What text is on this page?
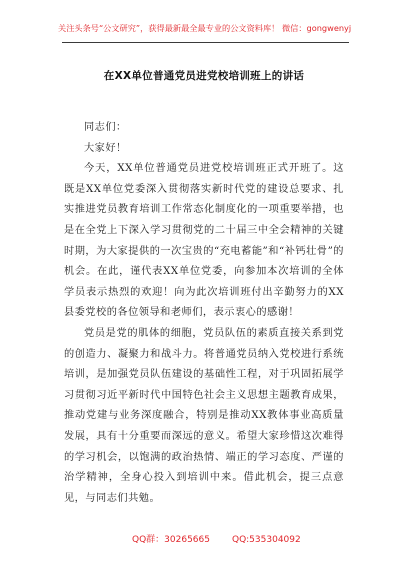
关注头条号“公文研究”，获得最新最全最专业的公文资料库！ 微信：gongwenyj
在XX单位普通党员进党校培训班上的讲话

同志们：

大家好！

今天，XX单位普通党员进党校培训班正式开班了。这既是XX单位党委深入贯彻落实新时代党的建设总要求、扎实推进党员教育培训工作常态化制度化的一项重要举措，也是在全党上下深入学习贯彻党的二十届三中全会精神的关键时期，为大家提供的一次宝贵的“充电蓄能”和“补钙壮骨”的机会。在此，谨代表XX单位党委，向参加本次培训的全体学员表示热烈的欢迎！向为此次培训班付出辛勤努力的XX县委党校的各位领导和老师们，表示衷心的感谢！

党员是党的肌体的细胞，党员队伍的素质直接关系到党的创造力、凝聚力和战斗力。将普通党员纳入党校进行系统培训，是加强党员队伍建设的基础性工程，对于巩固拓展学习贯彻习近平新时代中国特色社会主义思想主题教育成果，推动党建与业务深度融合，特别是推动XX教体事业高质量发展，具有十分重要而深远的意义。希望大家珍惜这次难得的学习机会，以饱满的政治热情、端正的学习态度、严谨的治学精神，全身心投入到培训中来。借此机会，提三点意见，与同志们共勉。

QQ群：30265665 QQ:535304092
